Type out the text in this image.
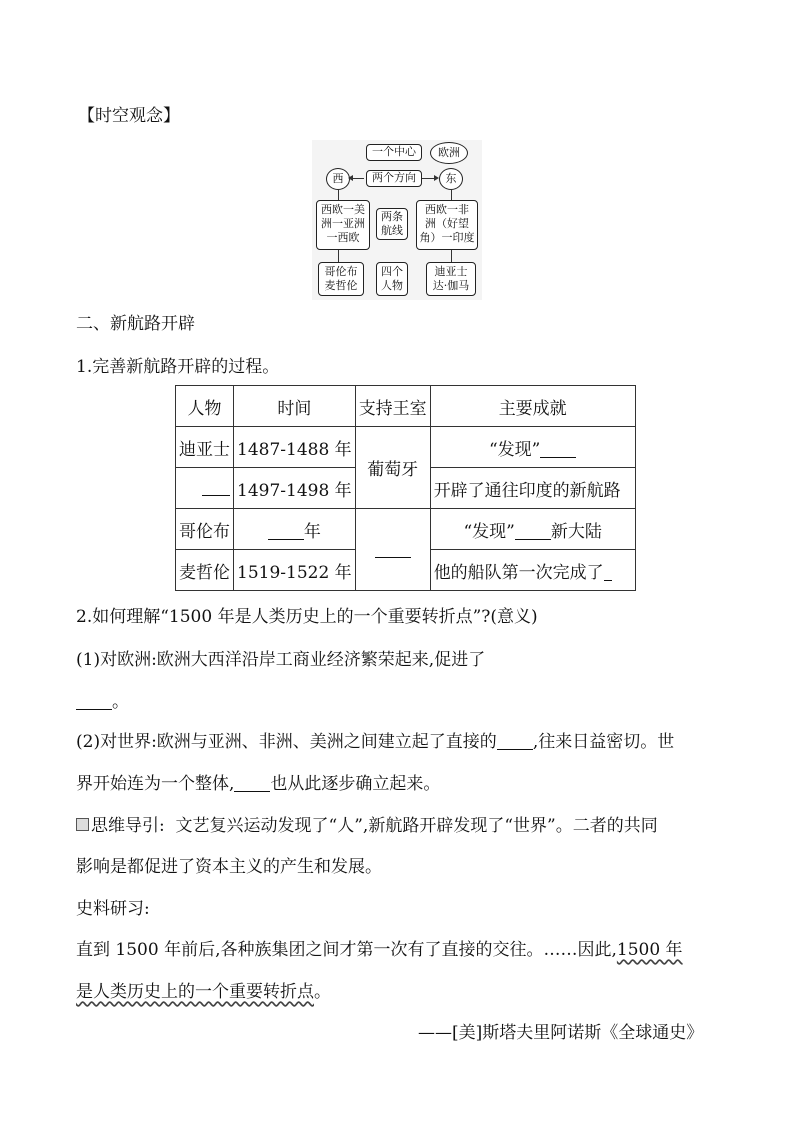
【时空观念】
一个中心	欧洲
西	两个方向	东
西欧一美
洲一亚洲
一西欧
两条
航线
西欧一非
洲（好望
角）一印度
哥伦布
麦哲伦
四个
人物
迪亚士
达·伽马
二、新航路开辟
1.完善新航路开辟的过程。
人物	时间	支持王室	主要成就
迪亚士	1487-1488 年	葡萄牙	“发现”
	1497-1498 年		开辟了通往印度的新航路
哥伦布	年		“发现” 新大陆
麦哲伦	1519-1522 年		他的船队第一次完成了
2.如何理解“1500 年是人类历史上的一个重要转折点”?(意义)
(1)对欧洲:欧洲大西洋沿岸工商业经济繁荣起来,促进了
。
(2)对世界:欧洲与亚洲、非洲、美洲之间建立起了直接的 ,往来日益密切。世
界开始连为一个整体, 也从此逐步确立起来。
思维导引: 文艺复兴运动发现了“人”,新航路开辟发现了“世界”。二者的共同
影响是都促进了资本主义的产生和发展。
史料研习:
直到 1500 年前后,各种族集团之间才第一次有了直接的交往。……因此,1500 年
是人类历史上的一个重要转折点。
——[美]斯塔夫里阿诺斯《全球通史》
